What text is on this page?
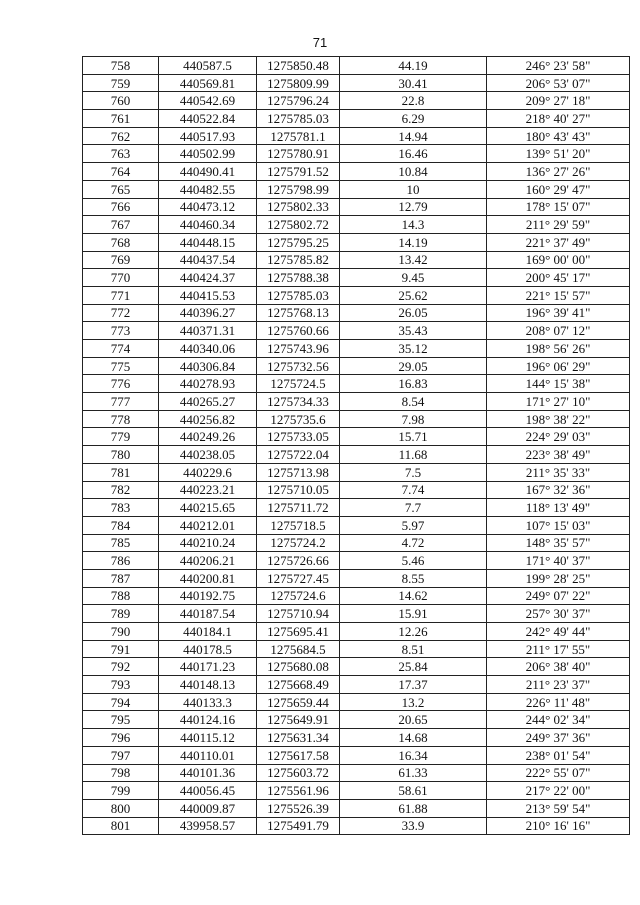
71
758	440587.5	1275850.48	44.19	246° 23' 58"
759	440569.81	1275809.99	30.41	206° 53' 07"
760	440542.69	1275796.24	22.8	209° 27' 18"
761	440522.84	1275785.03	6.29	218° 40' 27"
762	440517.93	1275781.1	14.94	180° 43' 43"
763	440502.99	1275780.91	16.46	139° 51' 20"
764	440490.41	1275791.52	10.84	136° 27' 26"
765	440482.55	1275798.99	10	160° 29' 47"
766	440473.12	1275802.33	12.79	178° 15' 07"
767	440460.34	1275802.72	14.3	211° 29' 59"
768	440448.15	1275795.25	14.19	221° 37' 49"
769	440437.54	1275785.82	13.42	169° 00' 00"
770	440424.37	1275788.38	9.45	200° 45' 17"
771	440415.53	1275785.03	25.62	221° 15' 57"
772	440396.27	1275768.13	26.05	196° 39' 41"
773	440371.31	1275760.66	35.43	208° 07' 12"
774	440340.06	1275743.96	35.12	198° 56' 26"
775	440306.84	1275732.56	29.05	196° 06' 29"
776	440278.93	1275724.5	16.83	144° 15' 38"
777	440265.27	1275734.33	8.54	171° 27' 10"
778	440256.82	1275735.6	7.98	198° 38' 22"
779	440249.26	1275733.05	15.71	224° 29' 03"
780	440238.05	1275722.04	11.68	223° 38' 49"
781	440229.6	1275713.98	7.5	211° 35' 33"
782	440223.21	1275710.05	7.74	167° 32' 36"
783	440215.65	1275711.72	7.7	118° 13' 49"
784	440212.01	1275718.5	5.97	107° 15' 03"
785	440210.24	1275724.2	4.72	148° 35' 57"
786	440206.21	1275726.66	5.46	171° 40' 37"
787	440200.81	1275727.45	8.55	199° 28' 25"
788	440192.75	1275724.6	14.62	249° 07' 22"
789	440187.54	1275710.94	15.91	257° 30' 37"
790	440184.1	1275695.41	12.26	242° 49' 44"
791	440178.5	1275684.5	8.51	211° 17' 55"
792	440171.23	1275680.08	25.84	206° 38' 40"
793	440148.13	1275668.49	17.37	211° 23' 37"
794	440133.3	1275659.44	13.2	226° 11' 48"
795	440124.16	1275649.91	20.65	244° 02' 34"
796	440115.12	1275631.34	14.68	249° 37' 36"
797	440110.01	1275617.58	16.34	238° 01' 54"
798	440101.36	1275603.72	61.33	222° 55' 07"
799	440056.45	1275561.96	58.61	217° 22' 00"
800	440009.87	1275526.39	61.88	213° 59' 54"
801	439958.57	1275491.79	33.9	210° 16' 16"
